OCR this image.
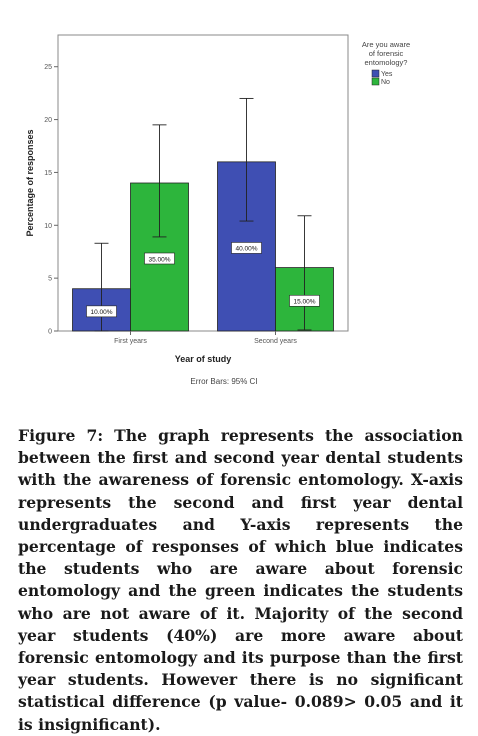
0
5
10
15
20
25
10.00%
35.00%
40.00%
15.00%
First years	Second years
Are you aware
of forensic
entomology?
Yes
No
Percentage of responses
Year of study
Error Bars: 95% CI

Figure 7: The graph represents the association between the first and second year dental students with the awareness of forensic entomology. X-axis represents the second and first year dental undergraduates and Y-axis represents the percentage of responses of which blue indicates the students who are aware about forensic entomology and the green indicates the students who are not aware of it. Majority of the second year students (40%) are more aware about forensic entomology and its purpose than the first year students. However there is no significant statistical difference (p value- 0.089> 0.05 and it is insignificant).
